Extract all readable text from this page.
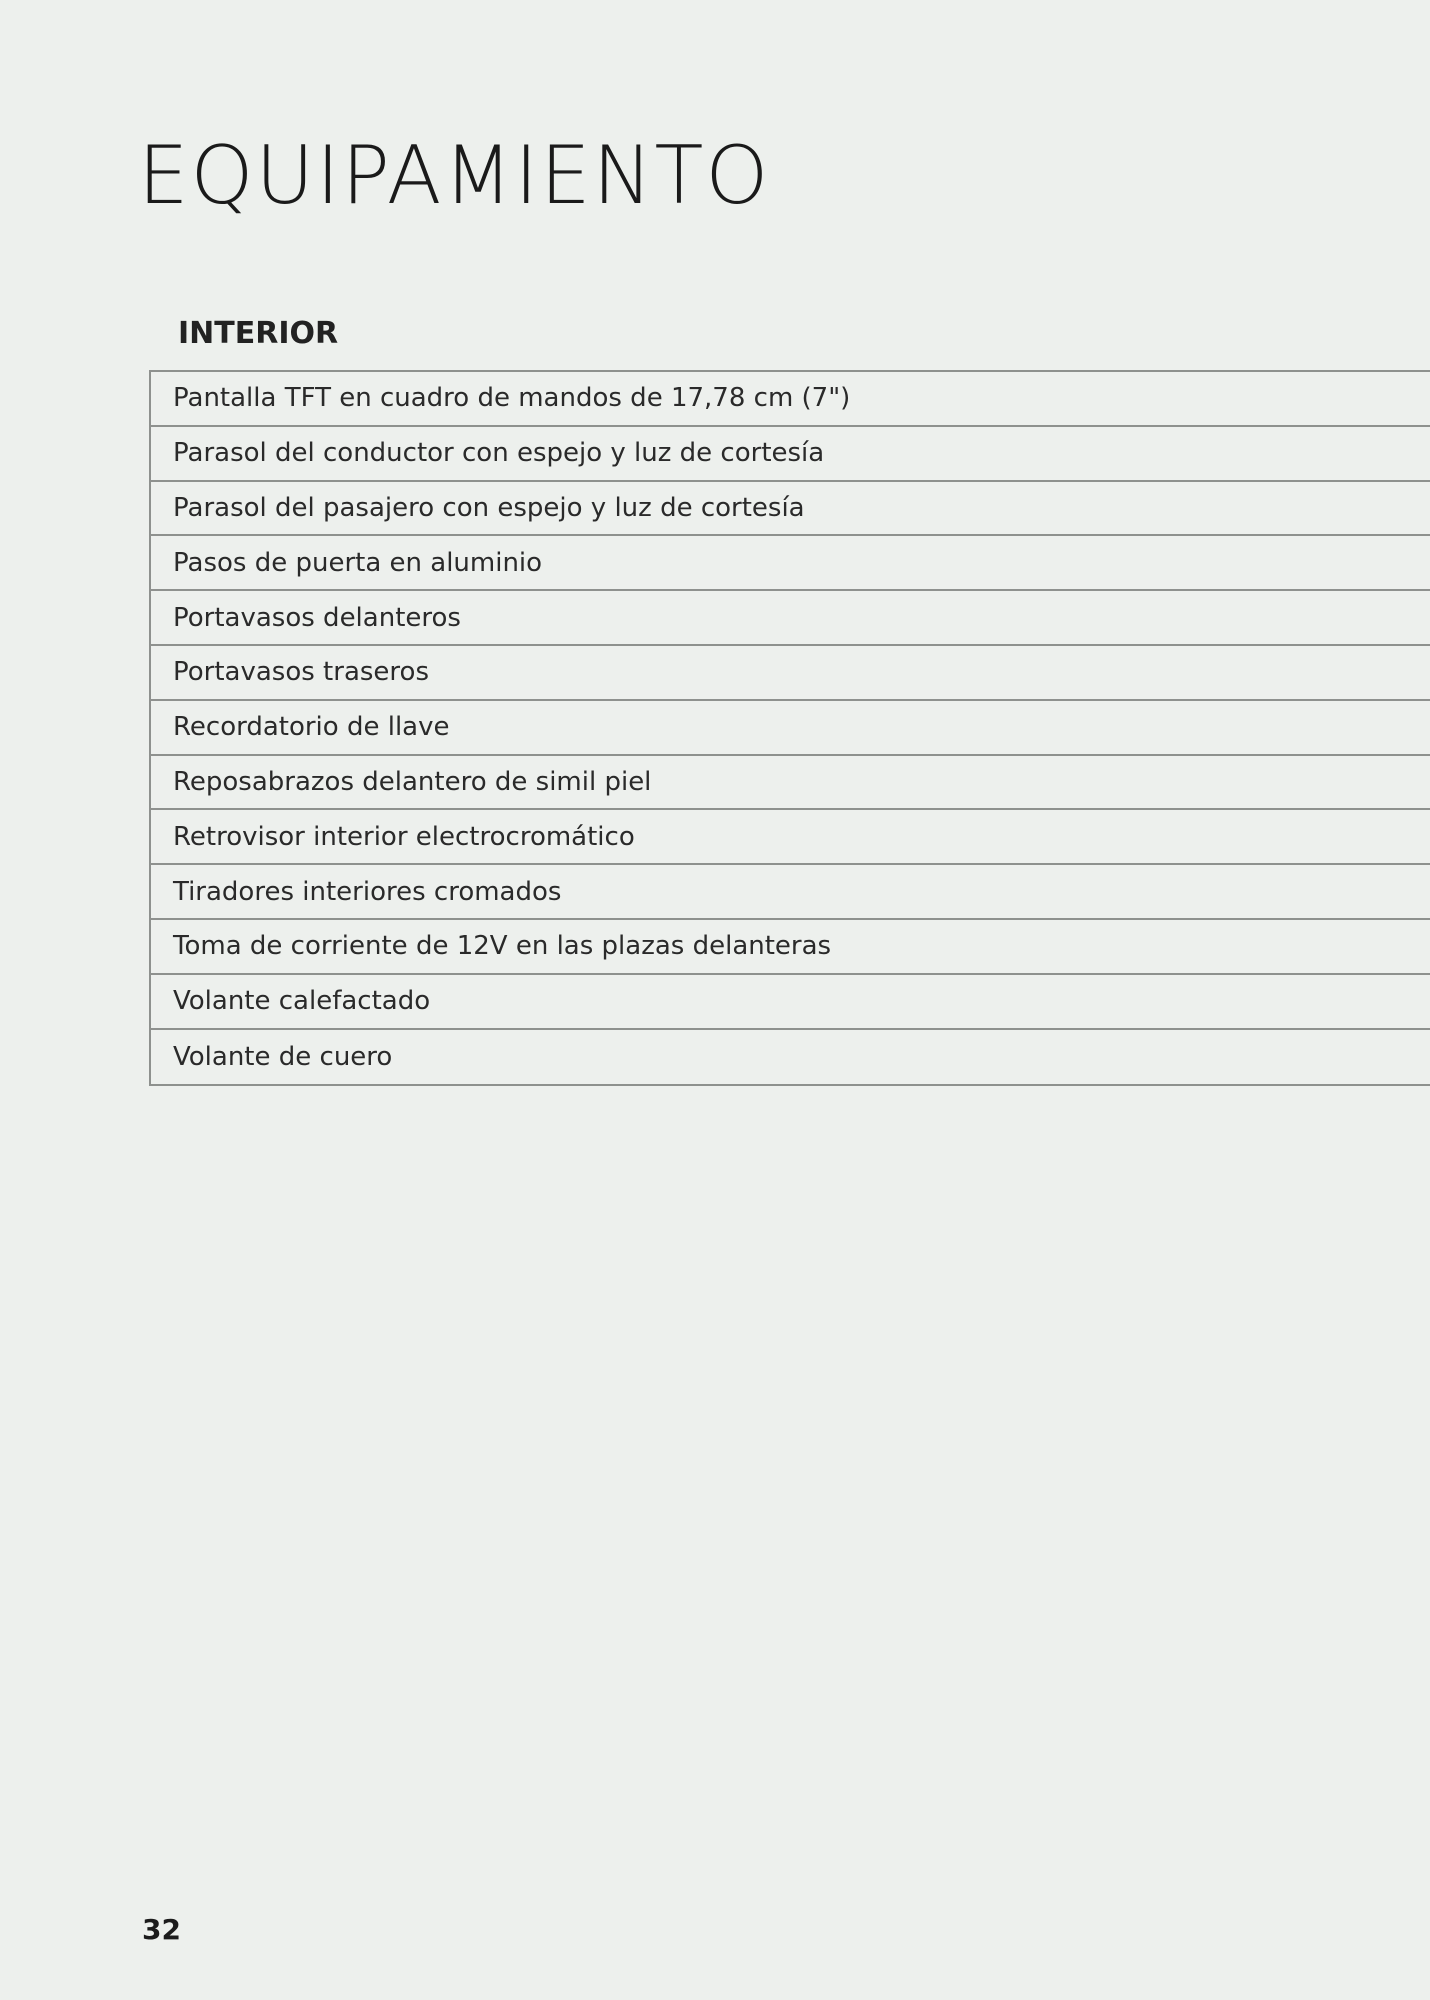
EQUIPAMIENTO
INTERIOR
Pantalla TFT en cuadro de mandos de 17,78 cm (7")
Parasol del conductor con espejo y luz de cortesía
Parasol del pasajero con espejo y luz de cortesía
Pasos de puerta en aluminio
Portavasos delanteros
Portavasos traseros
Recordatorio de llave
Reposabrazos delantero de simil piel
Retrovisor interior electrocromático
Tiradores interiores cromados
Toma de corriente de 12V en las plazas delanteras
Volante calefactado
Volante de cuero
32
